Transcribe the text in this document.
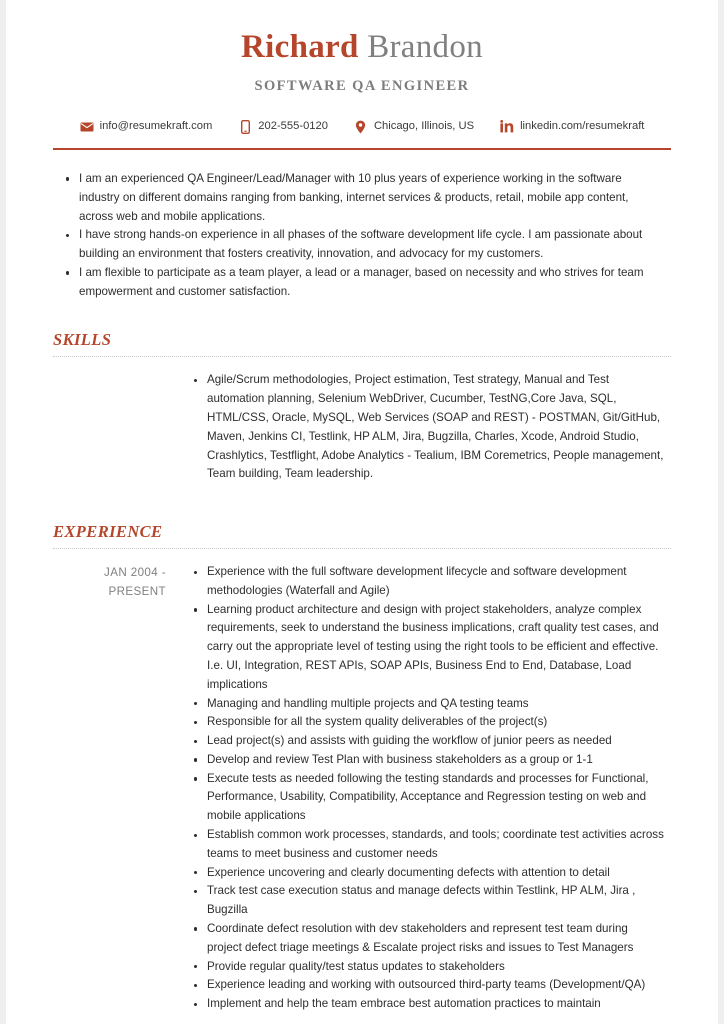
Richard Brandon
SOFTWARE QA ENGINEER
info@resumekraft.com	202-555-0120	Chicago, Illinois, US	linkedin.com/resumekraft
I am an experienced QA Engineer/Lead/Manager with 10 plus years of experience working in the software industry on different domains ranging from banking, internet services & products, retail, mobile app content, across web and mobile applications.
I have strong hands-on experience in all phases of the software development life cycle. I am passionate about building an environment that fosters creativity, innovation, and advocacy for my customers.
I am flexible to participate as a team player, a lead or a manager, based on necessity and who strives for team empowerment and customer satisfaction.
SKILLS
Agile/Scrum methodologies, Project estimation, Test strategy, Manual and Test automation planning, Selenium WebDriver, Cucumber, TestNG,Core Java, SQL, HTML/CSS, Oracle, MySQL, Web Services (SOAP and REST) - POSTMAN, Git/GitHub, Maven, Jenkins CI, Testlink, HP ALM, Jira, Bugzilla, Charles, Xcode, Android Studio, Crashlytics, Testflight, Adobe Analytics - Tealium, IBM Coremetrics, People management, Team building, Team leadership.
EXPERIENCE
JAN 2004 - PRESENT
Experience with the full software development lifecycle and software development methodologies (Waterfall and Agile)
Learning product architecture and design with project stakeholders, analyze complex requirements, seek to understand the business implications, craft quality test cases, and carry out the appropriate level of testing using the right tools to be efficient and effective. I.e. UI, Integration, REST APIs, SOAP APIs, Business End to End, Database, Load implications
Managing and handling multiple projects and QA testing teams
Responsible for all the system quality deliverables of the project(s)
Lead project(s) and assists with guiding the workflow of junior peers as needed
Develop and review Test Plan with business stakeholders as a group or 1-1
Execute tests as needed following the testing standards and processes for Functional, Performance, Usability, Compatibility, Acceptance and Regression testing on web and mobile applications
Establish common work processes, standards, and tools; coordinate test activities across teams to meet business and customer needs
Experience uncovering and clearly documenting defects with attention to detail
Track test case execution status and manage defects within Testlink, HP ALM, Jira , Bugzilla
Coordinate defect resolution with dev stakeholders and represent test team during project defect triage meetings & Escalate project risks and issues to Test Managers
Provide regular quality/test status updates to stakeholders
Experience leading and working with outsourced third-party teams (Development/QA)
Implement and help the team embrace best automation practices to maintain
